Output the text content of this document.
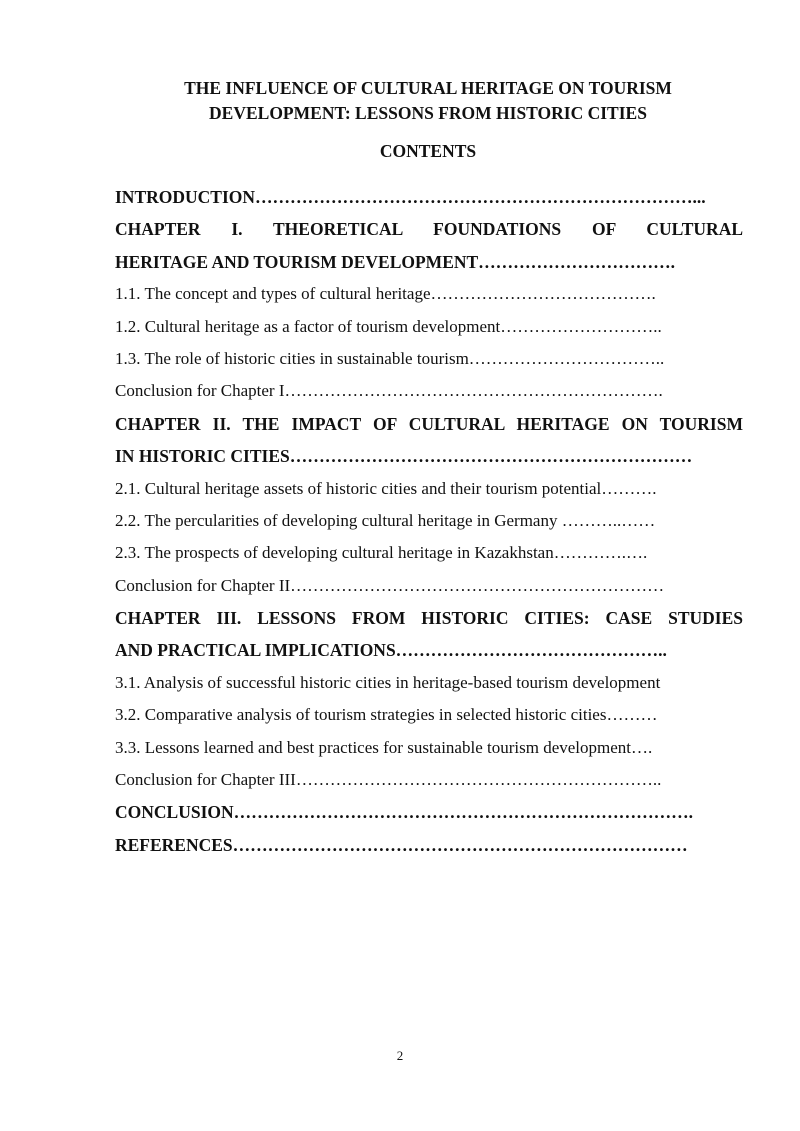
THE INFLUENCE OF CULTURAL HERITAGE ON TOURISM
DEVELOPMENT: LESSONS FROM HISTORIC CITIES
CONTENTS
INTRODUCTION…………………………………………………………………...
CHAPTER I. THEORETICAL FOUNDATIONS OF CULTURAL
HERITAGE AND TOURISM DEVELOPMENT…………………………….
1.1. The concept and types of cultural heritage………………………………….
1.2. Cultural heritage as a factor of tourism development………………………..
1.3. The role of historic cities in sustainable tourism……………………………..
Conclusion for Chapter I………………………………………………………….
CHAPTER II. THE IMPACT OF CULTURAL HERITAGE ON TOURISM
IN HISTORIC CITIES……………………………………………………………
2.1. Cultural heritage assets of historic cities and their tourism potential……….
2.2. The percularities of developing cultural heritage in Germany ………..……
2.3. The prospects of developing cultural heritage in Kazakhstan………….….
Conclusion for Chapter II…………………………………………………………
CHAPTER III. LESSONS FROM HISTORIC CITIES: CASE STUDIES
AND PRACTICAL IMPLICATIONS………………………………………..
3.1. Analysis of successful historic cities in heritage-based tourism development
3.2. Comparative analysis of tourism strategies in selected historic cities………
3.3. Lessons learned and best practices for sustainable tourism development….
Conclusion for Chapter III………………………………………………………..
CONCLUSION…………………………………………………………………….
REFERENCES……………………………………………………………………
2
